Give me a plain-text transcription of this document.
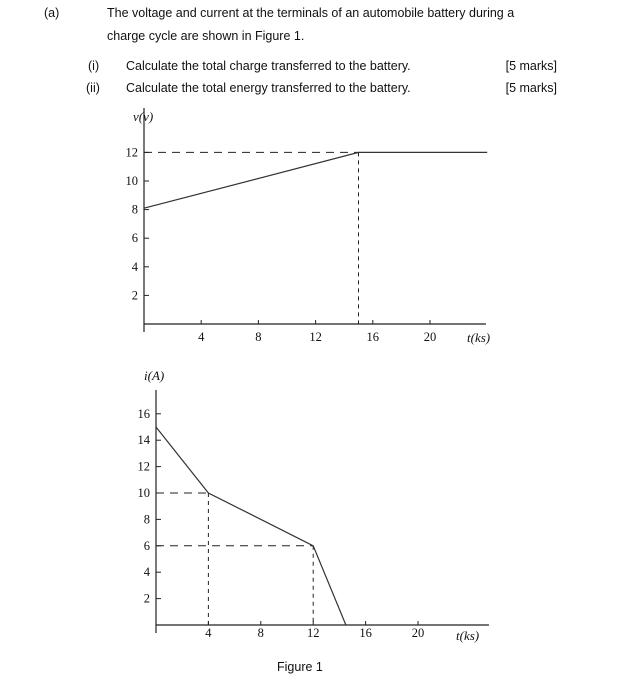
(a)	The voltage and current at the terminals of an automobile battery during a
charge cycle are shown in Figure 1.
(i) Calculate the total charge transferred to the battery.	[5 marks]
(ii) Calculate the total energy transferred to the battery.	[5 marks]
v(v)
t(ks)
2
4
6
8
10
12
4	8	12	16	20
i(A)
t(ks)
2
4
6
8
10
12
14
16
4	8	12	16	20
Figure 1
